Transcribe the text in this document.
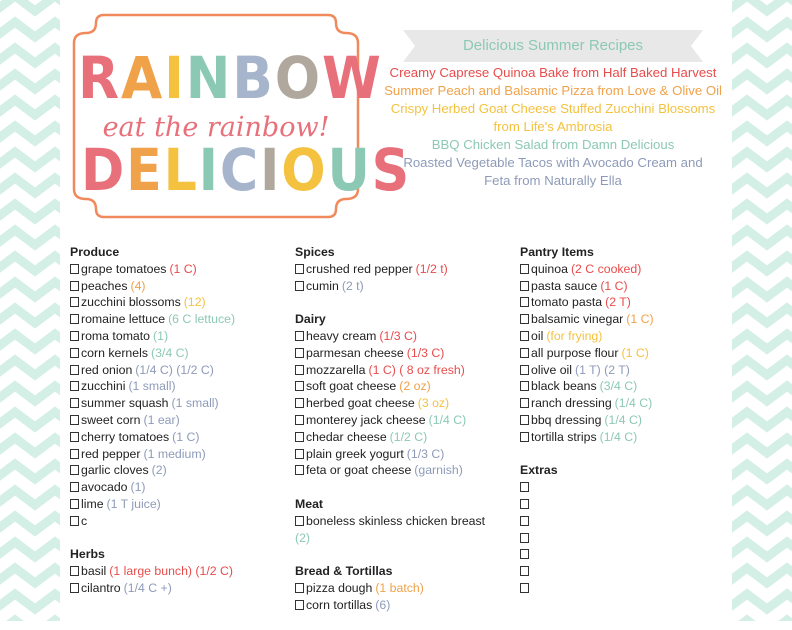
RAINBOW
eat the rainbow!
DELICIOUS
Delicious Summer Recipes
Creamy Caprese Quinoa Bake from Half Baked Harvest
Summer Peach and Balsamic Pizza from Love & Olive Oil
Crispy Herbed Goat Cheese Stuffed Zucchini Blossoms from Life's Ambrosia
BBQ Chicken Salad from Damn Delicious
Roasted Vegetable Tacos with Avocado Cream and Feta from Naturally Ella
Produce
grape tomatoes (1 C)
peaches (4)
zucchini blossoms (12)
romaine lettuce (6 C lettuce)
roma tomato (1)
corn kernels (3/4 C)
red onion (1/4 C) (1/2 C)
zucchini (1 small)
summer squash (1 small)
sweet corn (1 ear)
cherry tomatoes (1 C)
red pepper (1 medium)
garlic cloves (2)
avocado (1)
lime (1 T juice)
c
Herbs
basil (1 large bunch) (1/2 C)
cilantro (1/4 C +)
Spices
crushed red pepper (1/2 t)
cumin (2 t)
Dairy
heavy cream (1/3 C)
parmesan cheese (1/3 C)
mozzarella (1 C) ( 8 oz fresh)
soft goat cheese (2 oz)
herbed goat cheese (3 oz)
monterey jack cheese (1/4 C)
chedar cheese (1/2 C)
plain greek yogurt (1/3 C)
feta or goat cheese (garnish)
Meat
boneless skinless chicken breast
(2)
Bread & Tortillas
pizza dough (1 batch)
corn tortillas (6)
Pantry Items
quinoa (2 C cooked)
pasta sauce (1 C)
tomato pasta (2 T)
balsamic vinegar (1 C)
oil (for frying)
all purpose flour (1 C)
olive oil (1 T) (2 T)
black beans (3/4 C)
ranch dressing (1/4 C)
bbq dressing (1/4 C)
tortilla strips (1/4 C)
Extras
